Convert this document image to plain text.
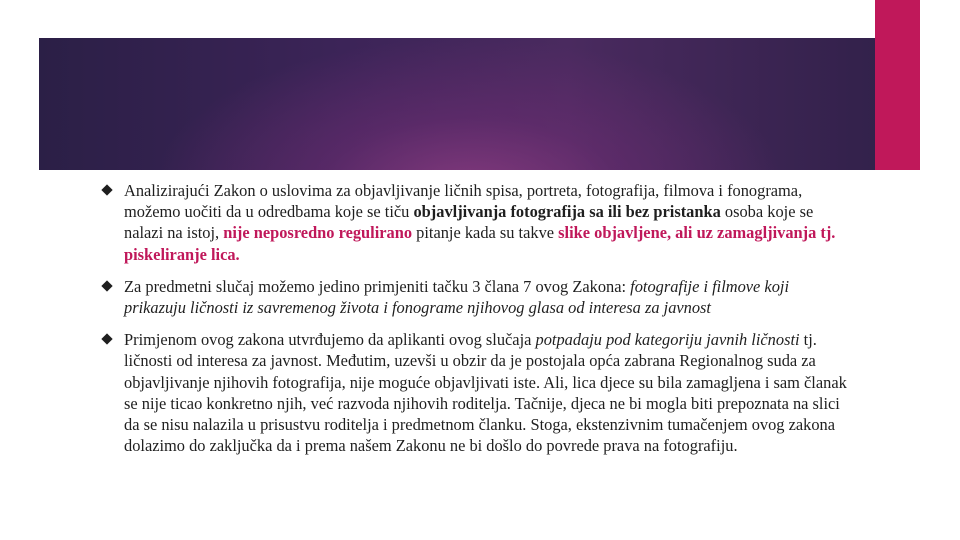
Analizirajući Zakon o uslovima za objavljivanje ličnih spisa, portreta, fotografija, filmova i fonograma, možemo uočiti da u odredbama koje se tiču objavljivanja fotografija sa ili bez pristanka osoba koje se nalazi na istoj, nije neposredno regulirano pitanje kada su takve slike objavljene, ali uz zamagljivanja tj. piskeliranje lica.
Za predmetni slučaj možemo jedino primjeniti tačku 3 člana 7 ovog Zakona: fotografije i filmove koji prikazuju ličnosti iz savremenog života i fonograme njihovog glasa od interesa za javnost
Primjenom ovog zakona utvrđujemo da aplikanti ovog slučaja potpadaju pod kategoriju javnih ličnosti tj. ličnosti od interesa za javnost. Međutim, uzevši u obzir da je postojala opća zabrana Regionalnog suda za objavljivanje njihovih fotografija, nije moguće objavljivati iste. Ali, lica djece su bila zamagljena i sam članak se nije ticao konkretno njih, već razvoda njihovih roditelja. Tačnije, djeca ne bi mogla biti prepoznata na slici da se nisu nalazila u prisustvu roditelja i predmetnom članku. Stoga, ekstenzivnim tumačenjem ovog zakona dolazimo do zaključka da i prema našem Zakonu ne bi došlo do povrede prava na fotografiju.
